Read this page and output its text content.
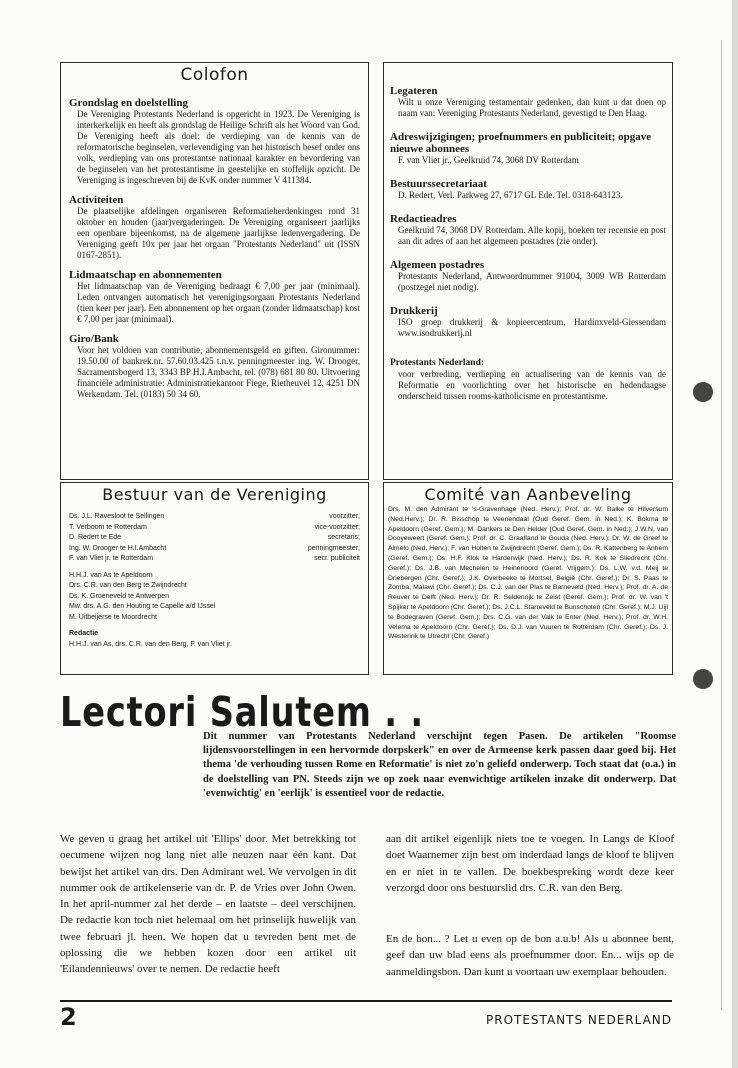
Colofon
Grondslag en doelstelling
De Vereniging Protestants Nederland is opgericht in 1923. De Vereniging is interkerkelijk en heeft als grondslag de Heilige Schrift als het Woord van God. De Vereniging heeft als doel: de verdieping van de kennis van de reformatorische beginselen, verlevendiging van het historisch besef onder ons volk, verdieping van ons protestantse nationaal karakter en bevordering van de beginselen van het protestantisme in geestelijke en stoffelijk opzicht. De Vereniging is ingeschreven bij de KvK onder nummer V 411384.
Activiteiten
De plaatselijke afdelingen organiseren Reformatieherdenkingen rond 31 oktober en houden (jaar)vergaderingen. De Vereniging organiseert jaarlijks een openbare bijeenkomst, na de algemene jaarlijkse ledenvergadering. De Vereniging geeft 10x per jaar het orgaan "Protestants Nederland" uit (ISSN 0167-2851).
Lidmaatschap en abonnementen
Het lidmaatschap van de Vereniging bedraagt € 7,00 per jaar (minimaal). Leden ontvangen automatisch het verenigingsorgaan Protestants Nederland (tien keer per jaar). Een abonnement op het orgaan (zonder lidmaatschap) kost € 7,00 per jaar (minimaal).
Giro/Bank
Voor het voldoen van contributie, abonnementsgeld en giften. Gironummer: 19.50.00 of bankrek.nr. 57.60.03.425 t.n.v. penningmeester ing. W. Drooger, Sacramentsbogerd 13, 3343 BP H.I.Ambacht, tel. (078) 681 80 80. Uitvoering financiële administratie: Administratiekantoor Fiege, Rietheuvel 12, 4251 DN Werkendam. Tel. (0183) 50 34 60.
Legateren
Wilt u onze Vereniging testamentair gedenken, dan kunt u dat doen op naam van: Vereniging Protestants Nederland, gevestigd te Den Haag.
Adreswijzigingen; proefnummers en publiciteit; opgave nieuwe abonnees
F. van Vliet jr., Geelkruid 74, 3068 DV Rotterdam
Bestuurssecretariaat
D. Redert, Verl. Parkweg 27, 6717 GL Ede. Tel. 0318-643123.
Redactieadres
Geelkruid 74, 3068 DV Rotterdam. Alle kopij, boeken ter recensie en post aan dit adres of aan het algemeen postadres (zie onder).
Algemeen postadres
Protestants Nederland, Antwoordnummer 91004, 3009 WB Rotterdam (postzegel niet nodig).
Drukkerij
ISO groep drukkerij & kopieercentrum, Hardinxveld-Giessendam www.isodrukkerij.nl
Protestants Nederland:
voor verbreding, verdieping en actualisering van de kennis van de Reformatie en voorlichting over het historische en hedendaagse onderscheid tussen rooms-katholicisme en protestantisme.
Bestuur van de Vereniging
Ds. J.L. Ravesloot te Sellingen	voorzitter;
T. Verboom te Rotterdam	vice-voorzitter;
D. Redert te Ede	secretaris;
Ing. W. Drooger te H.I.Ambacht	penningmeester;
F. van Vliet jr. te Rotterdam	secr. publiciteit
H.H.J. van As te Apeldoorn
Drs. C.R. van den Berg te Zwijndrecht
Ds. K. Groeneveld te Antwerpen
Mw. drs. A.G. den Houting te Capelle a/d IJssel
M. Uitbeijerse te Moordrecht
Redactie
H.H.J. van As, drs. C.R. van den Berg, F. van Vliet jr.
Comité van Aanbeveling
Drs. M. den Admirant te 's-Gravenhage (Ned. Herv.); Prof. dr. W. Balke te Hilversum (Ned.Herv.); Dr. R. Bisschop te Veenendaal (Oud Geref. Gem. in Ned.); K. Bokma te Apeldoorn (Geref. Gem.); M. Dankers te Den Helder (Oud Geref. Gem. in Ned.); J.W.N. van Dooyeweert (Geref. Gem.); Prof. dr. C. Graafland te Gouda (Ned. Herv.); Dr. W. de Greef te Almelo (Ned. Herv.); F. van Holten te Zwijndrecht (Geref. Gem.); Ds. R. Kattenberg te Anhem (Geref. Gem.); Ds. H.F. Klok te Harderwijk (Ned. Herv.); Ds. R. Kok te Sliedrecht (Chr. Geref.); Ds. J.B. van Mechelen te Heinenoord (Geref. Vrijgem.); Ds. L.W. v.d. Meij te Driebergen (Chr. Geref.); J.K. Overbeeke te Mortsel, België (Chr. Geref.); Dr. S. Paas te Zomba, Malawi (Chr. Geref.); Ds. C.J. van der Plas te Barneveld (Ned. Herv.); Prof. dr. A. de Reuver te Delft (Ned. Herv.); Dr. R. Seldenrijk te Zeist (Geref. Gem.); Prof. dr. W. van 't Spijker te Apeldoorn (Chr. Geref.); Ds. J.C.L. Starreveld te Bunschoten (Chr. Geref.); M.J. Uijl te Bodegraven (Geref. Gem.); Drs. C.G. van der Valk te Enter (Ned. Herv.); Prof. dr. W.H. Velema te Apeldoorn (Chr. Geref.); Ds. D.J. van Vuuren te Rotterdam (Chr. Geref.); Ds. J. Westerink te Utrecht (Chr. Geref.)
Lectori Salutem . .
Dit nummer van Protestants Nederland verschijnt tegen Pasen. De artikelen "Roomse lijdensvoorstellingen in een hervormde dorpskerk" en over de Armeense kerk passen daar goed bij. Het thema 'de verhouding tussen Rome en Reformatie' is niet zo'n geliefd onderwerp. Toch staat dat (o.a.) in de doelstelling van PN. Steeds zijn we op zoek naar evenwichtige artikelen inzake dit onderwerp. Dat 'evenwichtig' en 'eerlijk' is essentieel voor de redactie.
We geven u graag het artikel uit 'Ellips' door. Met betrekking tot oecumene wijzen nog lang niet alle neuzen naar één kant. Dat bewijst het artikel van drs. Den Admirant wel. We vervolgen in dit nummer ook de artikelenserie van dr. P. de Vries over John Owen. In het april-nummer zal het derde – en laatste – deel verschijnen. De redactie kon toch niet helemaal om het prinselijk huwelijk van twee februari jl. heen. We hopen dat u tevreden bent met de oplossing die we hebben kozen door een artikel uit 'Eilandennieuws' over te nemen. De redactie heeft
aan dit artikel eigenlijk niets toe te voegen. In Langs de Kloof doet Waarnemer zijn best om inderdaad langs de kloof te blijven en er niet in te vallen. De boekbespreking wordt deze keer verzorgd door ons bestuurslid drs. C.R. van den Berg.
En de bon... ? Let u even op de bon a.u.b! Als u abonnee bent, geef dan uw blad eens als proefnummer door. En... wijs op de aanmeldingsbon. Dan kunt u voortaan uw exemplaar behouden.
2	PROTESTANTS NEDERLAND
